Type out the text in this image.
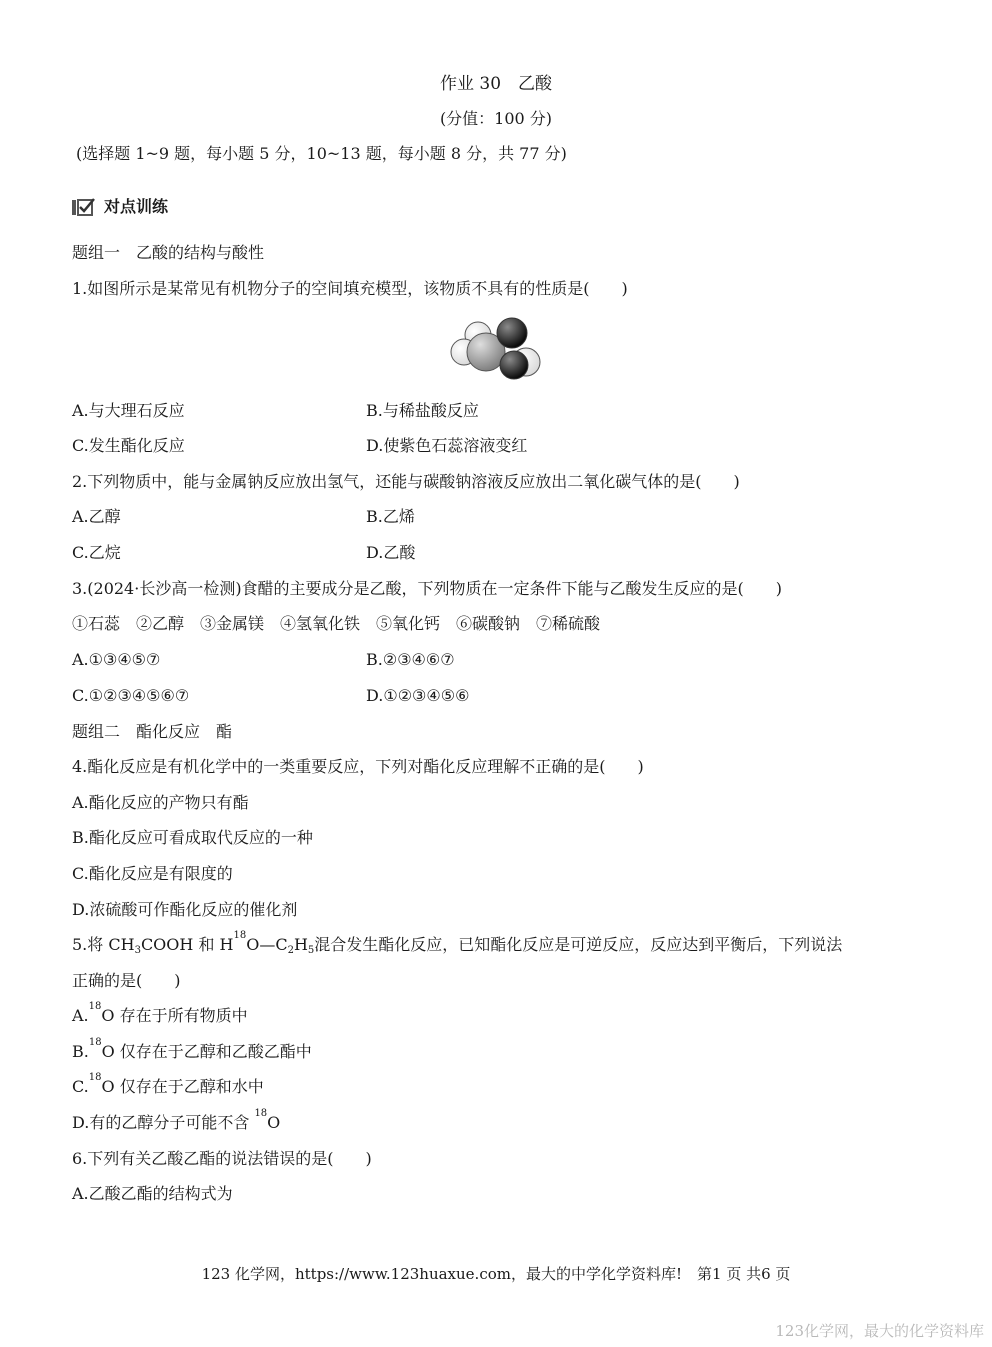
作业 30　乙酸
(分值：100 分)
(选择题 1~9 题，每小题 5 分，10~13 题，每小题 8 分，共 77 分)
对点训练
题组一　乙酸的结构与酸性
1.如图所示是某常见有机物分子的空间填充模型，该物质不具有的性质是(　　)
A.与大理石反应	B.与稀盐酸反应
C.发生酯化反应	D.使紫色石蕊溶液变红
2.下列物质中，能与金属钠反应放出氢气，还能与碳酸钠溶液反应放出二氧化碳气体的是(　　)
A.乙醇	B.乙烯
C.乙烷	D.乙酸
3.(2024·长沙高一检测)食醋的主要成分是乙酸，下列物质在一定条件下能与乙酸发生反应的是(　　)
①石蕊　②乙醇　③金属镁　④氢氧化铁　⑤氧化钙　⑥碳酸钠　⑦稀硫酸
A.①③④⑤⑦	B.②③④⑥⑦
C.①②③④⑤⑥⑦	D.①②③④⑤⑥
题组二　酯化反应　酯
4.酯化反应是有机化学中的一类重要反应，下列对酯化反应理解不正确的是(　　)
A.酯化反应的产物只有酯
B.酯化反应可看成取代反应的一种
C.酯化反应是有限度的
D.浓硫酸可作酯化反应的催化剂
5.将 $CH_3COOH$ 和 $H^{18}O—C_2H_5$混合发生酯化反应，已知酯化反应是可逆反应，反应达到平衡后，下列说法
正确的是(　　)
A.$^{18}$O 存在于所有物质中
B.$^{18}$O 仅存在于乙醇和乙酸乙酯中
C.$^{18}$O 仅存在于乙醇和水中
D.有的乙醇分子可能不含 $^{18}$O
6.下列有关乙酸乙酯的说法错误的是(　　)
A.乙酸乙酯的结构式为
123 化学网，https://www.123huaxue.com，最大的中学化学资料库!　第1 页 共6 页
123化学网，最大的化学资料库
